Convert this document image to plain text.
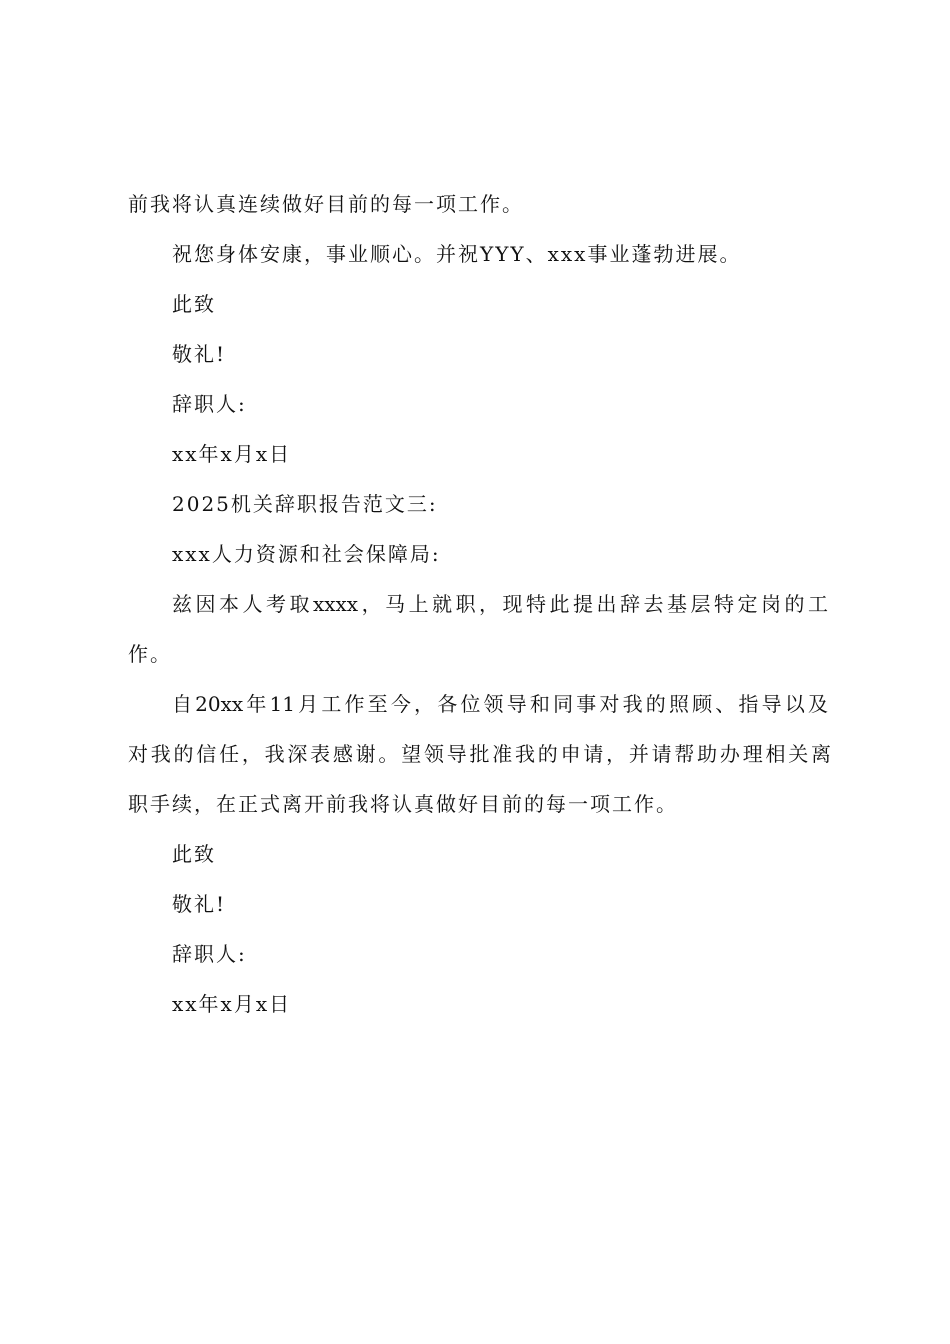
前我将认真连续做好目前的每一项工作。
祝您身体安康，事业顺心。并祝YYY、xxx事业蓬勃进展。
此致
敬礼!
辞职人:
xx年x月x日
2025机关辞职报告范文三:
xxx人力资源和社会保障局:
兹因本人考取xxxx，马上就职，现特此提出辞去基层特定岗的工
作。
自20xx年11月工作至今，各位领导和同事对我的照顾、指导以及
对我的信任，我深表感谢。望领导批准我的申请，并请帮助办理相关离
职手续，在正式离开前我将认真做好目前的每一项工作。
此致
敬礼!
辞职人:
xx年x月x日
